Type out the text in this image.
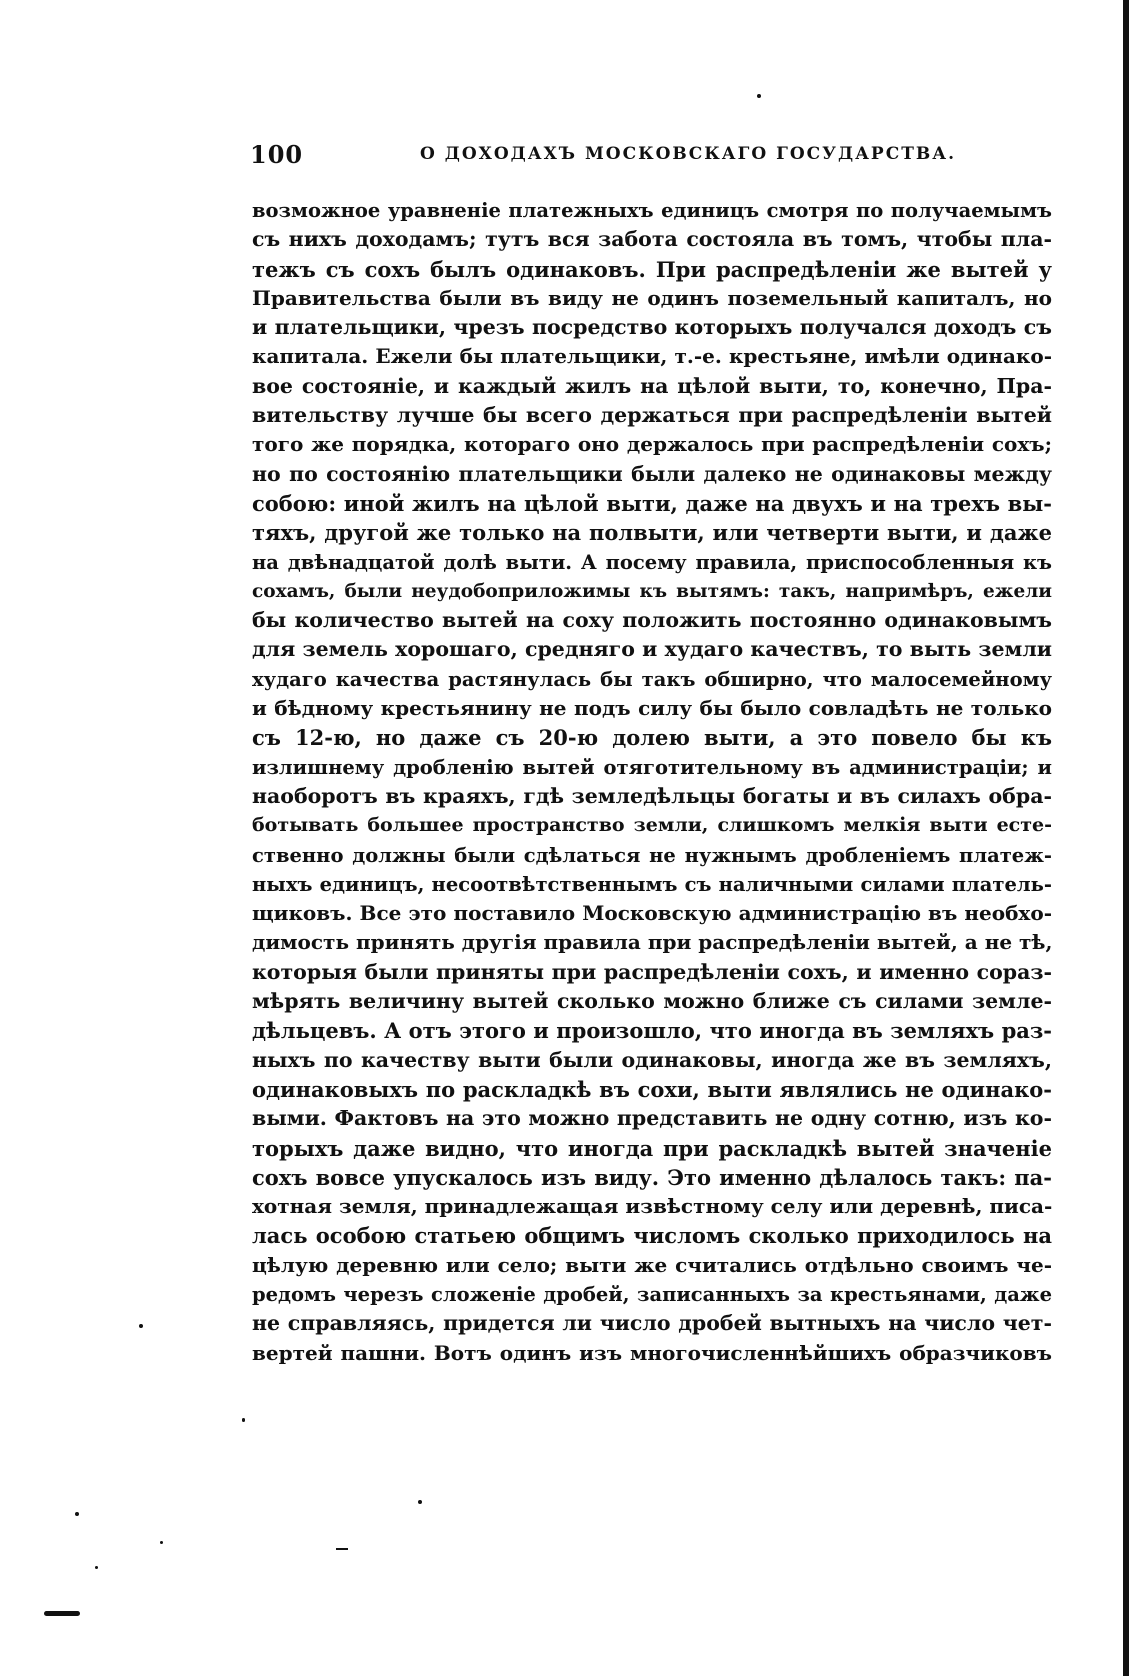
100	О ДОХОДАХЪ МОСКОВСКАГО ГОСУДАРСТВА.
возможное уравненіе платежныхъ единицъ смотря по получаемымъ
съ нихъ доходамъ; тутъ вся забота состояла въ томъ, чтобы пла-
тежъ съ сохъ былъ одинаковъ. При распредѣленіи же вытей у
Правительства были въ виду не одинъ поземельный капиталъ, но
и плательщики, чрезъ посредство которыхъ получался доходъ съ
капитала. Ежели бы плательщики, т.-е. крестьяне, имѣли одинако-
вое состояніе, и каждый жилъ на цѣлой выти, то, конечно, Пра-
вительству лучше бы всего держаться при распредѣленіи вытей
того же порядка, котораго оно держалось при распредѣленіи сохъ;
но по состоянію плательщики были далеко не одинаковы между
собою: иной жилъ на цѣлой выти, даже на двухъ и на трехъ вы-
тяхъ, другой же только на полвыти, или четверти выти, и даже
на двѣнадцатой долѣ выти. А посему правила, приспособленныя къ
сохамъ, были неудобоприложимы къ вытямъ: такъ, напримѣръ, ежели
бы количество вытей на соху положить постоянно одинаковымъ
для земель хорошаго, средняго и худаго качествъ, то выть земли
худаго качества растянулась бы такъ обширно, что малосемейному
и бѣдному крестьянину не подъ силу бы было совладѣть не только
съ 12-ю, но даже съ 20-ю долею выти, а это повело бы къ
излишнему дробленію вытей отяготительному въ администраціи; и
наоборотъ въ краяхъ, гдѣ земледѣльцы богаты и въ силахъ обра-
ботывать большее пространство земли, слишкомъ мелкія выти есте-
ственно должны были сдѣлаться не нужнымъ дробленіемъ платеж-
ныхъ единицъ, несоотвѣтственнымъ съ наличными силами платель-
щиковъ. Все это поставило Московскую администрацію въ необхо-
димость принять другія правила при распредѣленіи вытей, а не тѣ,
которыя были приняты при распредѣленіи сохъ, и именно сораз-
мѣрять величину вытей сколько можно ближе съ силами земле-
дѣльцевъ. А отъ этого и произошло, что иногда въ земляхъ раз-
ныхъ по качеству выти были одинаковы, иногда же въ земляхъ,
одинаковыхъ по раскладкѣ въ сохи, выти являлись не одинако-
выми. Фактовъ на это можно представить не одну сотню, изъ ко-
торыхъ даже видно, что иногда при раскладкѣ вытей значеніе
сохъ вовсе упускалось изъ виду. Это именно дѣлалось такъ: па-
хотная земля, принадлежащая извѣстному селу или деревнѣ, писа-
лась особою статьею общимъ числомъ сколько приходилось на
цѣлую деревню или село; выти же считались отдѣльно своимъ че-
редомъ черезъ сложеніе дробей, записанныхъ за крестьянами, даже
не справляясь, придется ли число дробей вытныхъ на число чет-
вертей пашни. Вотъ одинъ изъ многочисленнѣйшихъ образчиковъ
